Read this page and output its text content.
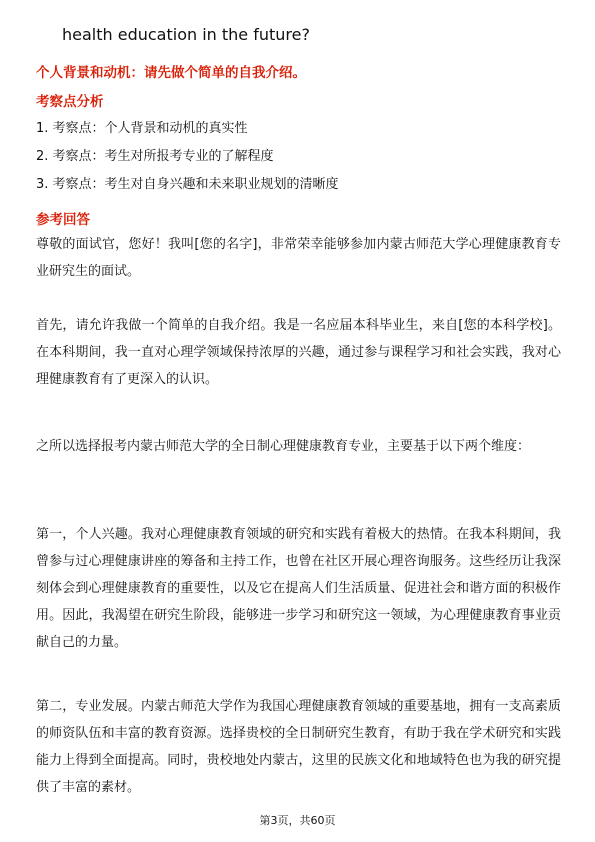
health education in the future?
个人背景和动机：请先做个简单的自我介绍。
考察点分析
1. 考察点：个人背景和动机的真实性
2. 考察点：考生对所报考专业的了解程度
3. 考察点：考生对自身兴趣和未来职业规划的清晰度
参考回答

尊敬的面试官，您好！我叫[您的名字]，非常荣幸能够参加内蒙古师范大学心理健康教育专业研究生的面试。

首先，请允许我做一个简单的自我介绍。我是一名应届本科毕业生，来自[您的本科学校]。在本科期间，我一直对心理学领域保持浓厚的兴趣，通过参与课程学习和社会实践，我对心理健康教育有了更深入的认识。

之所以选择报考内蒙古师范大学的全日制心理健康教育专业，主要基于以下两个维度：

第一，个人兴趣。我对心理健康教育领域的研究和实践有着极大的热情。在我本科期间，我曾参与过心理健康讲座的筹备和主持工作，也曾在社区开展心理咨询服务。这些经历让我深刻体会到心理健康教育的重要性，以及它在提高人们生活质量、促进社会和谐方面的积极作用。因此，我渴望在研究生阶段，能够进一步学习和研究这一领域，为心理健康教育事业贡献自己的力量。

第二，专业发展。内蒙古师范大学作为我国心理健康教育领域的重要基地，拥有一支高素质的师资队伍和丰富的教育资源。选择贵校的全日制研究生教育，有助于我在学术研究和实践能力上得到全面提高。同时，贵校地处内蒙古，这里的民族文化和地域特色也为我的研究提供了丰富的素材。

第3页，共60页
